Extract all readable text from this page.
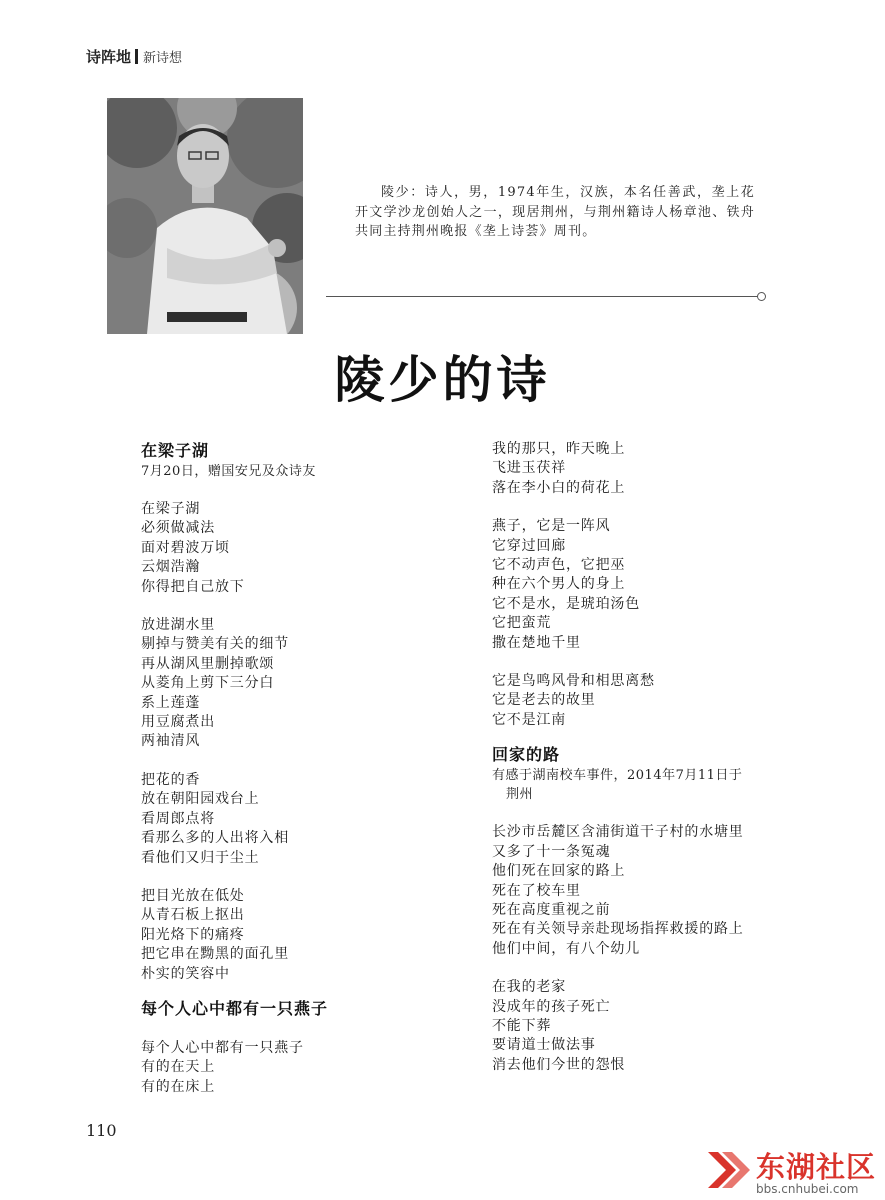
诗阵地 新诗想

陵少：诗人，男，1974年生，汉族，本名任善武，垄上花开文学沙龙创始人之一，现居荆州，与荆州籍诗人杨章池、铁舟共同主持荆州晚报《垄上诗荟》周刊。

陵少的诗
在梁子湖
7月20日，赠国安兄及众诗友
在梁子湖
必须做减法
面对碧波万顷
云烟浩瀚
你得把自己放下
放进湖水里
剔掉与赞美有关的细节
再从湖风里删掉歌颂
从菱角上剪下三分白
系上莲蓬
用豆腐煮出
两袖清风
把花的香
放在朝阳园戏台上
看周郎点将
看那么多的人出将入相
看他们又归于尘土
把目光放在低处
从青石板上抠出
阳光烙下的痛疼
把它串在黝黑的面孔里
朴实的笑容中
每个人心中都有一只燕子
每个人心中都有一只燕子
有的在天上
有的在床上
我的那只，昨天晚上
飞进玉茯祥
落在李小白的荷花上
燕子，它是一阵风
它穿过回廊
它不动声色，它把巫
种在六个男人的身上
它不是水，是琥珀汤色
它把蛮荒
撒在楚地千里
它是鸟鸣风骨和相思离愁
它是老去的故里
它不是江南
回家的路
有感于湖南校车事件，2014年7月11日于
荆州
长沙市岳麓区含浦街道干子村的水塘里
又多了十一条冤魂
他们死在回家的路上
死在了校车里
死在高度重视之前
死在有关领导亲赴现场指挥救援的路上
他们中间，有八个幼儿
在我的老家
没成年的孩子死亡
不能下葬
要请道士做法事
消去他们今世的怨恨
110
东湖社区
bbs.cnhubei.com
